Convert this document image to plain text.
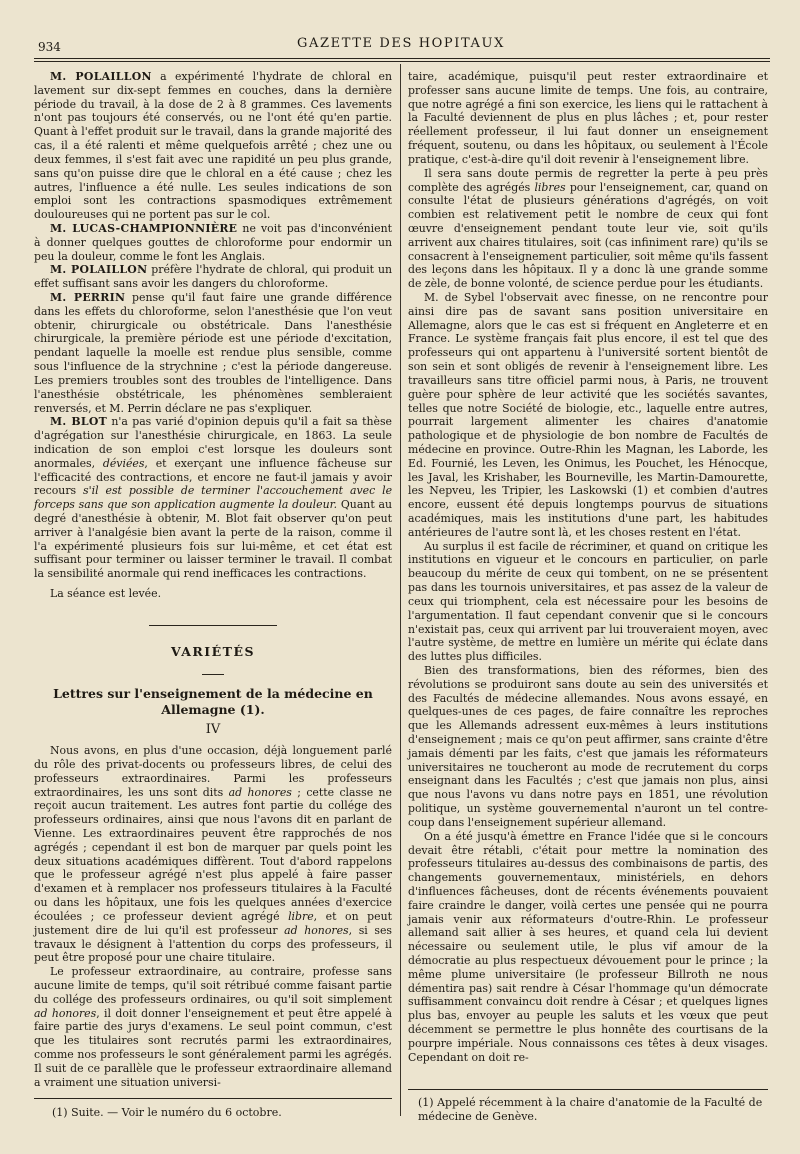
934	GAZETTE DES HOPITAUX

M. POLAILLON a expérimenté l'hydrate de chloral en lavement sur dix-sept femmes en couches, dans la dernière période du travail, à la dose de 2 à 8 grammes. Ces lavements n'ont pas toujours été conservés, ou ne l'ont été qu'en partie. Quant à l'effet produit sur le travail, dans la grande majorité des cas, il a été ralenti et même quelquefois arrêté ; chez une ou deux femmes, il s'est fait avec une rapidité un peu plus grande, sans qu'on puisse dire que le chloral en a été cause ; chez les autres, l'influence a été nulle. Les seules indications de son emploi sont les contractions spasmodiques extrêmement douloureuses qui ne portent pas sur le col.

M. LUCAS-CHAMPIONNIÈRE ne voit pas d'inconvénient à donner quelques gouttes de chloroforme pour endormir un peu la douleur, comme le font les Anglais.

M. POLAILLON préfère l'hydrate de chloral, qui produit un effet suffisant sans avoir les dangers du chloroforme.

M. PERRIN pense qu'il faut faire une grande différence dans les effets du chloroforme, selon l'anesthésie que l'on veut obtenir, chirurgicale ou obstétricale. Dans l'anesthésie chirurgicale, la première période est une période d'excitation, pendant laquelle la moelle est rendue plus sensible, comme sous l'influence de la strychnine ; c'est la période dangereuse. Les premiers troubles sont des troubles de l'intelligence. Dans l'anesthésie obstétricale, les phénomènes sembleraient renversés, et M. Perrin déclare ne pas s'expliquer.

M. BLOT n'a pas varié d'opinion depuis qu'il a fait sa thèse d'agrégation sur l'anesthésie chirurgicale, en 1863. La seule indication de son emploi c'est lorsque les douleurs sont anormales, déviées, et exerçant une influence fâcheuse sur l'efficacité des contractions, et encore ne faut-il jamais y avoir recours s'il est possible de terminer l'accouchement avec le forceps sans que son application augmente la douleur. Quant au degré d'anesthésie à obtenir, M. Blot fait observer qu'on peut arriver à l'analgésie bien avant la perte de la raison, comme il l'a expérimenté plusieurs fois sur lui-même, et cet état est suffisant pour terminer ou laisser terminer le travail. Il combat la sensibilité anormale qui rend inefficaces les contractions.

La séance est levée.

VARIÉTÉS
Lettres sur l'enseignement de la médecine en Allemagne (1).
IV

Nous avons, en plus d'une occasion, déjà longuement parlé du rôle des privat-docents ou professeurs libres, de celui des professeurs extraordinaires. Parmi les professeurs extraordinaires, les uns sont dits ad honores ; cette classe ne reçoit aucun traitement. Les autres font partie du collége des professeurs ordinaires, ainsi que nous l'avons dit en parlant de Vienne. Les extraordinaires peuvent être rapprochés de nos agrégés ; cependant il est bon de marquer par quels point les deux situations académiques diffèrent. Tout d'abord rappelons que le professeur agrégé n'est plus appelé à faire passer d'examen et à remplacer nos professeurs titulaires à la Faculté ou dans les hôpitaux, une fois les quelques années d'exercice écoulées ; ce professeur devient agrégé libre, et on peut justement dire de lui qu'il est professeur ad honores, si ses travaux le désignent à l'attention du corps des professeurs, il peut être proposé pour une chaire titulaire.

Le professeur extraordinaire, au contraire, professe sans aucune limite de temps, qu'il soit rétribué comme faisant partie du collége des professeurs ordinaires, ou qu'il soit simplement ad honores, il doit donner l'enseignement et peut être appelé à faire partie des jurys d'examens. Le seul point commun, c'est que les titulaires sont recrutés parmi les extraordinaires, comme nos professeurs le sont généralement parmi les agrégés. Il suit de ce parallèle que le professeur extraordinaire allemand a vraiment une situation universi-

taire, académique, puisqu'il peut rester extraordinaire et professer sans aucune limite de temps. Une fois, au contraire, que notre agrégé a fini son exercice, les liens qui le rattachent à la Faculté deviennent de plus en plus lâches ; et, pour rester réellement professeur, il lui faut donner un enseignement fréquent, soutenu, ou dans les hôpitaux, ou seulement à l'École pratique, c'est-à-dire qu'il doit revenir à l'enseignement libre.

Il sera sans doute permis de regretter la perte à peu près complète des agrégés libres pour l'enseignement, car, quand on consulte l'état de plusieurs générations d'agrégés, on voit combien est relativement petit le nombre de ceux qui font œuvre d'enseignement pendant toute leur vie, soit qu'ils arrivent aux chaires titulaires, soit (cas infiniment rare) qu'ils se consacrent à l'enseignement particulier, soit même qu'ils fassent des leçons dans les hôpitaux. Il y a donc là une grande somme de zèle, de bonne volonté, de science perdue pour les étudiants.

M. de Sybel l'observait avec finesse, on ne rencontre pour ainsi dire pas de savant sans position universitaire en Allemagne, alors que le cas est si fréquent en Angleterre et en France. Le système français fait plus encore, il est tel que des professeurs qui ont appartenu à l'université sortent bientôt de son sein et sont obligés de revenir à l'enseignement libre. Les travailleurs sans titre officiel parmi nous, à Paris, ne trouvent guère pour sphère de leur activité que les sociétés savantes, telles que notre Société de biologie, etc., laquelle entre autres, pourrait largement alimenter les chaires d'anatomie pathologique et de physiologie de bon nombre de Facultés de médecine en province. Outre-Rhin les Magnan, les Laborde, les Ed. Fournié, les Leven, les Onimus, les Pouchet, les Hénocque, les Javal, les Krishaber, les Bourneville, les Martin-Damourette, les Nepveu, les Tripier, les Laskowski (1) et combien d'autres encore, eussent été depuis longtemps pourvus de situations académiques, mais les institutions d'une part, les habitudes antérieures de l'autre sont là, et les choses restent en l'état.

Au surplus il est facile de récriminer, et quand on critique les institutions en vigueur et le concours en particulier, on parle beaucoup du mérite de ceux qui tombent, on ne se présentent pas dans les tournois universitaires, et pas assez de la valeur de ceux qui triomphent, cela est nécessaire pour les besoins de l'argumentation. Il faut cependant convenir que si le concours n'existait pas, ceux qui arrivent par lui trouveraient moyen, avec l'autre système, de mettre en lumière un mérite qui éclate dans des luttes plus difficiles.

Bien des transformations, bien des réformes, bien des révolutions se produiront sans doute au sein des universités et des Facultés de médecine allemandes. Nous avons essayé, en quelques-unes de ces pages, de faire connaître les reproches que les Allemands adressent eux-mêmes à leurs institutions d'enseignement ; mais ce qu'on peut affirmer, sans crainte d'être jamais démenti par les faits, c'est que jamais les réformateurs universitaires ne toucheront au mode de recrutement du corps enseignant dans les Facultés ; c'est que jamais non plus, ainsi que nous l'avons vu dans notre pays en 1851, une révolution politique, un système gouvernemental n'auront un tel contre-coup dans l'enseignement supérieur allemand.

On a été jusqu'à émettre en France l'idée que si le concours devait être rétabli, c'était pour mettre la nomination des professeurs titulaires au-dessus des combinaisons de partis, des changements gouvernementaux, ministériels, en dehors d'influences fâcheuses, dont de récents événements pouvaient faire craindre le danger, voilà certes une pensée qui ne pourra jamais venir aux réformateurs d'outre-Rhin. Le professeur allemand sait allier à ses heures, et quand cela lui devient nécessaire ou seulement utile, le plus vif amour de la démocratie au plus respectueux dévouement pour le prince ; la même plume universitaire (le professeur Billroth ne nous démentira pas) sait rendre à César l'hommage qu'un démocrate suffisamment convaincu doit rendre à César ; et quelques lignes plus bas, envoyer au peuple les saluts et les vœux que peut décemment se permettre le plus honnête des courtisans de la pourpre impériale. Nous connaissons ces têtes à deux visages. Cependant on doit re-

(1) Suite. — Voir le numéro du 6 octobre.
(1) Appelé récemment à la chaire d'anatomie de la Faculté de médecine de Genève.
